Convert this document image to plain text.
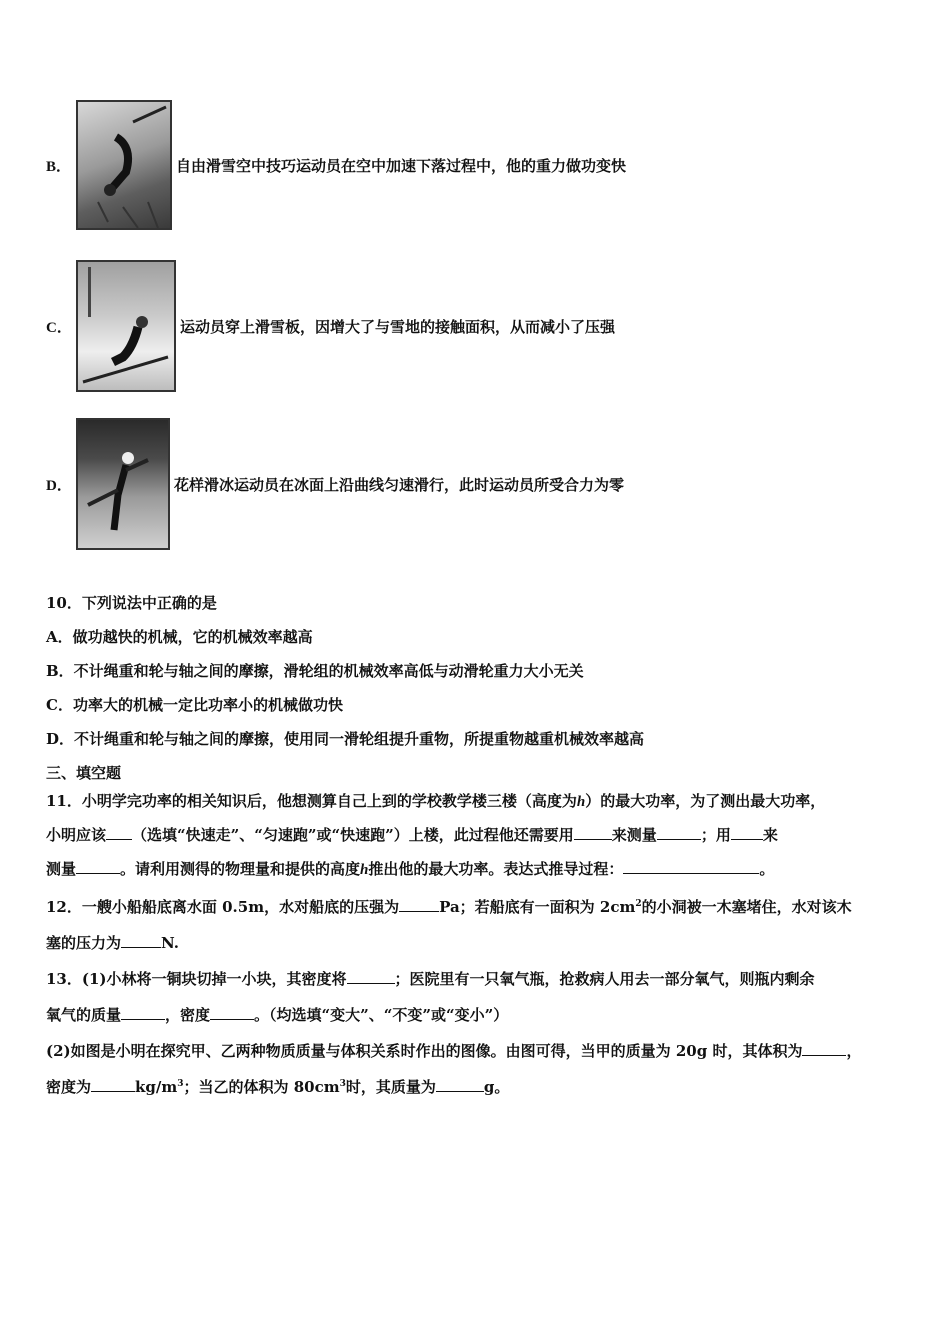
B．	自由滑雪空中技巧运动员在空中加速下落过程中，他的重力做功变快
C．	运动员穿上滑雪板，因增大了与雪地的接触面积，从而减小了压强
D．	花样滑冰运动员在冰面上沿曲线匀速滑行，此时运动员所受合力为零
10．下列说法中正确的是
A．做功越快的机械，它的机械效率越高
B．不计绳重和轮与轴之间的摩擦，滑轮组的机械效率高低与动滑轮重力大小无关
C．功率大的机械一定比功率小的机械做功快
D．不计绳重和轮与轴之间的摩擦，使用同一滑轮组提升重物，所提重物越重机械效率越高
三、填空题
11．小明学完功率的相关知识后，他想测算自己上到的学校教学楼三楼（高度为h）的最大功率，为了测出最大功率，
小明应该 （选填“快速走”、“匀速跑”或“快速跑”）上楼，此过程他还需要用	来测量	；用 来
测量	。请利用测得的物理量和提供的高度h推出他的最大功率。表达式推导过程：	。
12．一艘小船船底离水面 0.5m，水对船底的压强为	Pa；若船底有一面积为 $2cm^2$的小洞被一木塞堵住，水对该木
塞的压力为	N.
13．(1)小林将一铜块切掉一小块，其密度将	；医院里有一只氧气瓶，抢救病人用去一部分氧气，则瓶内剩余
氧气的质量	，密度	。（均选填“变大”、“不变”或“变小”）
(2)如图是小明在探究甲、乙两种物质质量与体积关系时作出的图像。由图可得，当甲的质量为 20g 时，其体积为	，
密度为	$kg/m^3$；当乙的体积为 $80cm^3$时，其质量为	g。
